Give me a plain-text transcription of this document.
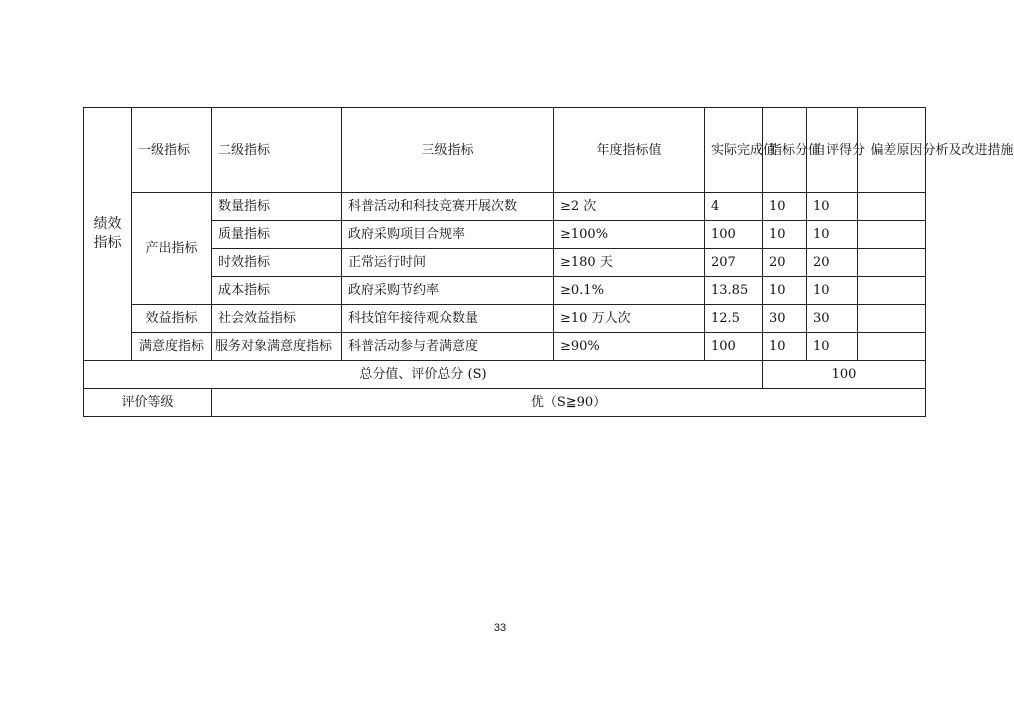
绩效指标	一级指标	二级指标	三级指标	年度指标值	实际完成值	指标分值	自评得分	偏差原因分析及改进措施
	产出指标	数量指标	科普活动和科技竞赛开展次数	≥2 次	4	10	10	
		质量指标	政府采购项目合规率	≥100%	100	10	10	
		时效指标	正常运行时间	≥180 天	207	20	20	
		成本指标	政府采购节约率	≥0.1%	13.85	10	10	
	效益指标	社会效益指标	科技馆年接待观众数量	≥10 万人次	12.5	30	30	
	满意度指标	服务对象满意度指标	科普活动参与者满意度	≥90%	100	10	10	
总分值、评价总分 (S)						100		
评价等级		优（S≧90）						
33
